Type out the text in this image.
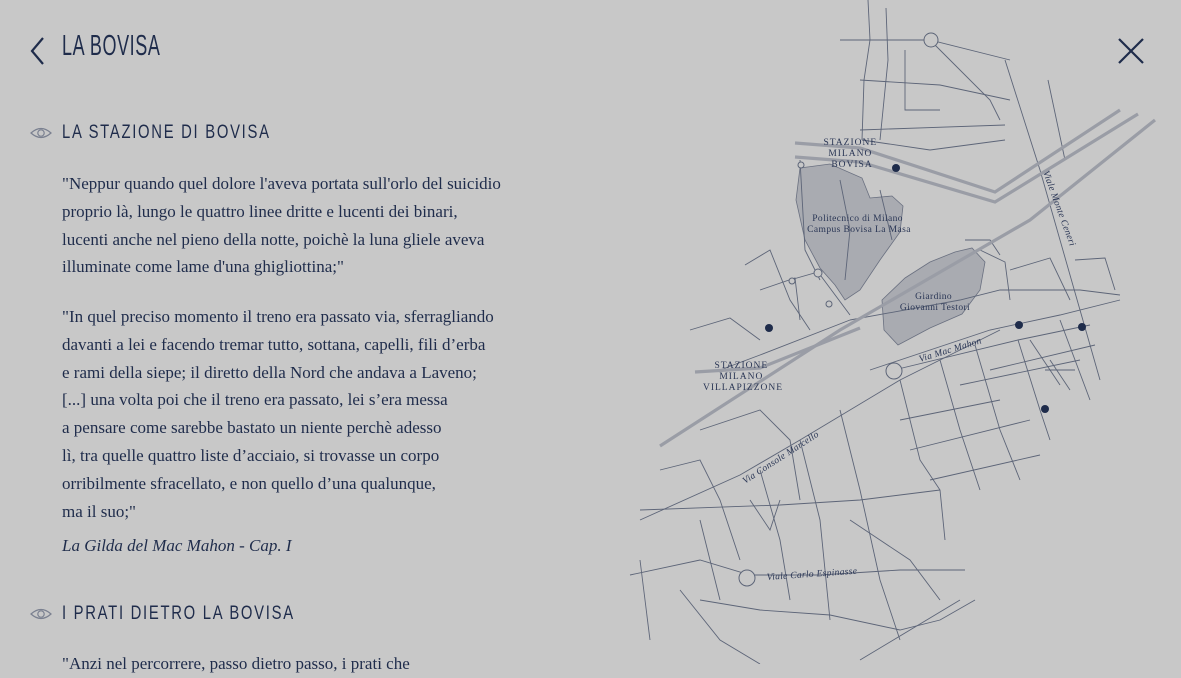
LA BOVISA
LA STAZIONE DI BOVISA
"Neppur quando quel dolore l'aveva portata sull'orlo del suicidio
proprio là, lungo le quattro linee dritte e lucenti dei binari,
lucenti anche nel pieno della notte, poichè la luna gliele aveva
illuminate come lame d'una ghigliottina;"
"In quel preciso momento il treno era passato via, sferragliando
davanti a lei e facendo tremar tutto, sottana, capelli, fili d’erba
e rami della siepe; il diretto della Nord che andava a Laveno;
[...] una volta poi che il treno era passato, lei s’era messa
a pensare come sarebbe bastato un niente perchè adesso
lì, tra quelle quattro liste d’acciaio, si trovasse un corpo
orribilmente sfracellato, e non quello d’una qualunque,
ma il suo;"
La Gilda del Mac Mahon - Cap. I
I PRATI DIETRO LA BOVISA
"Anzi nel percorrere, passo dietro passo, i prati che
STAZIONE MILANO BOVISA
Politecnico di Milano Campus Bovisa La Masa
Giardino Giovanni Testori
STAZIONE MILANO VILLAPIZZONE
Via Mac Mahon
Via Console Marcello
Viale Monte Ceneri
Viale Carlo Espinasse
